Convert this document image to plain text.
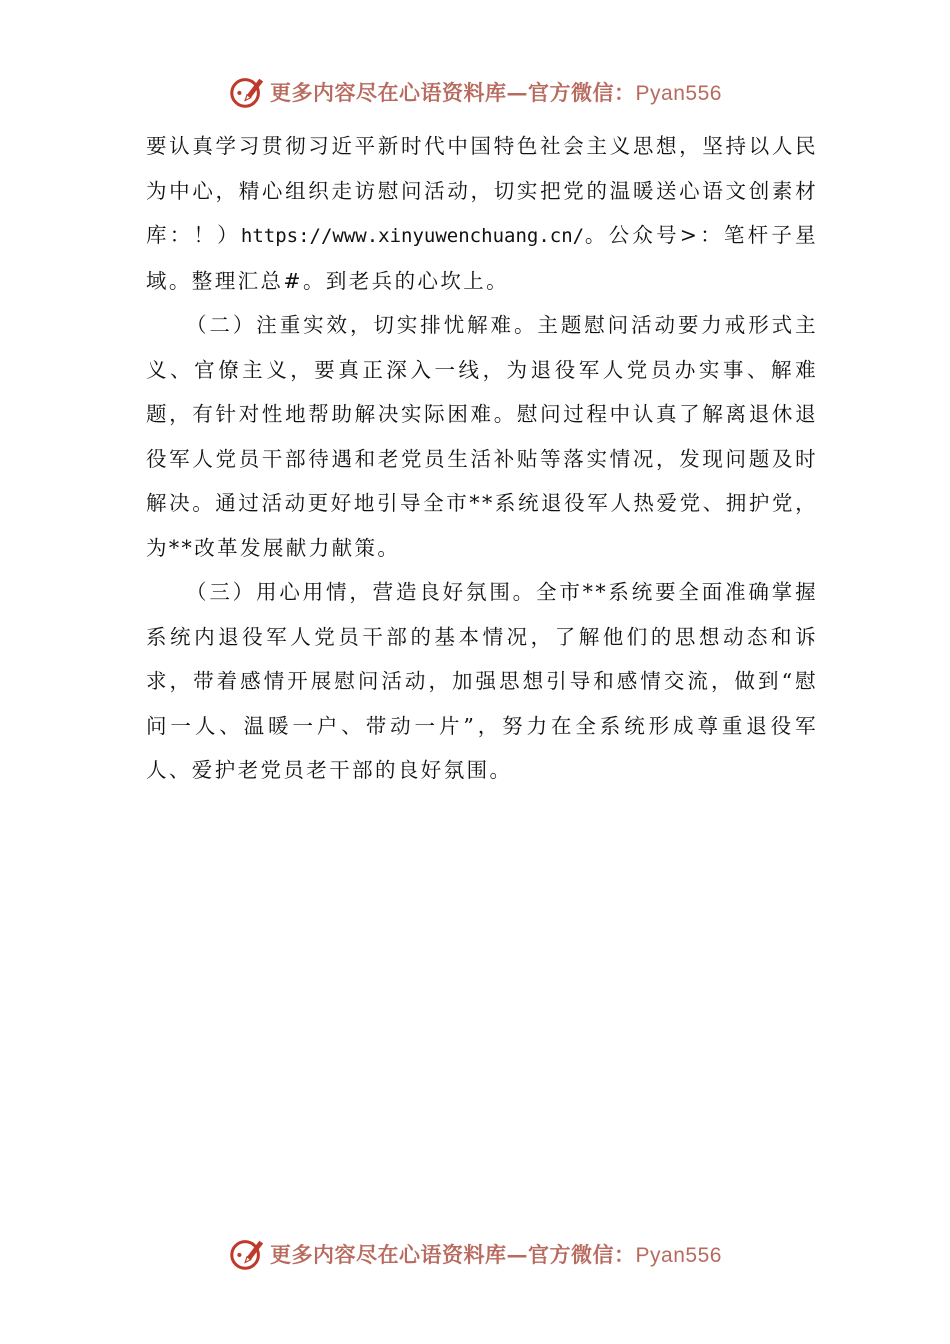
更多内容尽在心语资料库—官方微信：Pyan556

要认真学习贯彻习近平新时代中国特色社会主义思想，坚持以人民为中心，精心组织走访慰问活动，切实把党的温暖送心语文创素材库：！）https://www.xinyuwenchuang.cn/。公众号>：笔杆子星域。整理汇总#。到老兵的心坎上。

（二）注重实效，切实排忧解难。主题慰问活动要力戒形式主义、官僚主义，要真正深入一线，为退役军人党员办实事、解难题，有针对性地帮助解决实际困难。慰问过程中认真了解离退休退役军人党员干部待遇和老党员生活补贴等落实情况，发现问题及时解决。通过活动更好地引导全市**系统退役军人热爱党、拥护党，为**改革发展献力献策。

（三）用心用情，营造良好氛围。全市**系统要全面准确掌握系统内退役军人党员干部的基本情况，了解他们的思想动态和诉求，带着感情开展慰问活动，加强思想引导和感情交流，做到“慰问一人、温暖一户、带动一片”，努力在全系统形成尊重退役军人、爱护老党员老干部的良好氛围。

更多内容尽在心语资料库—官方微信：Pyan556
